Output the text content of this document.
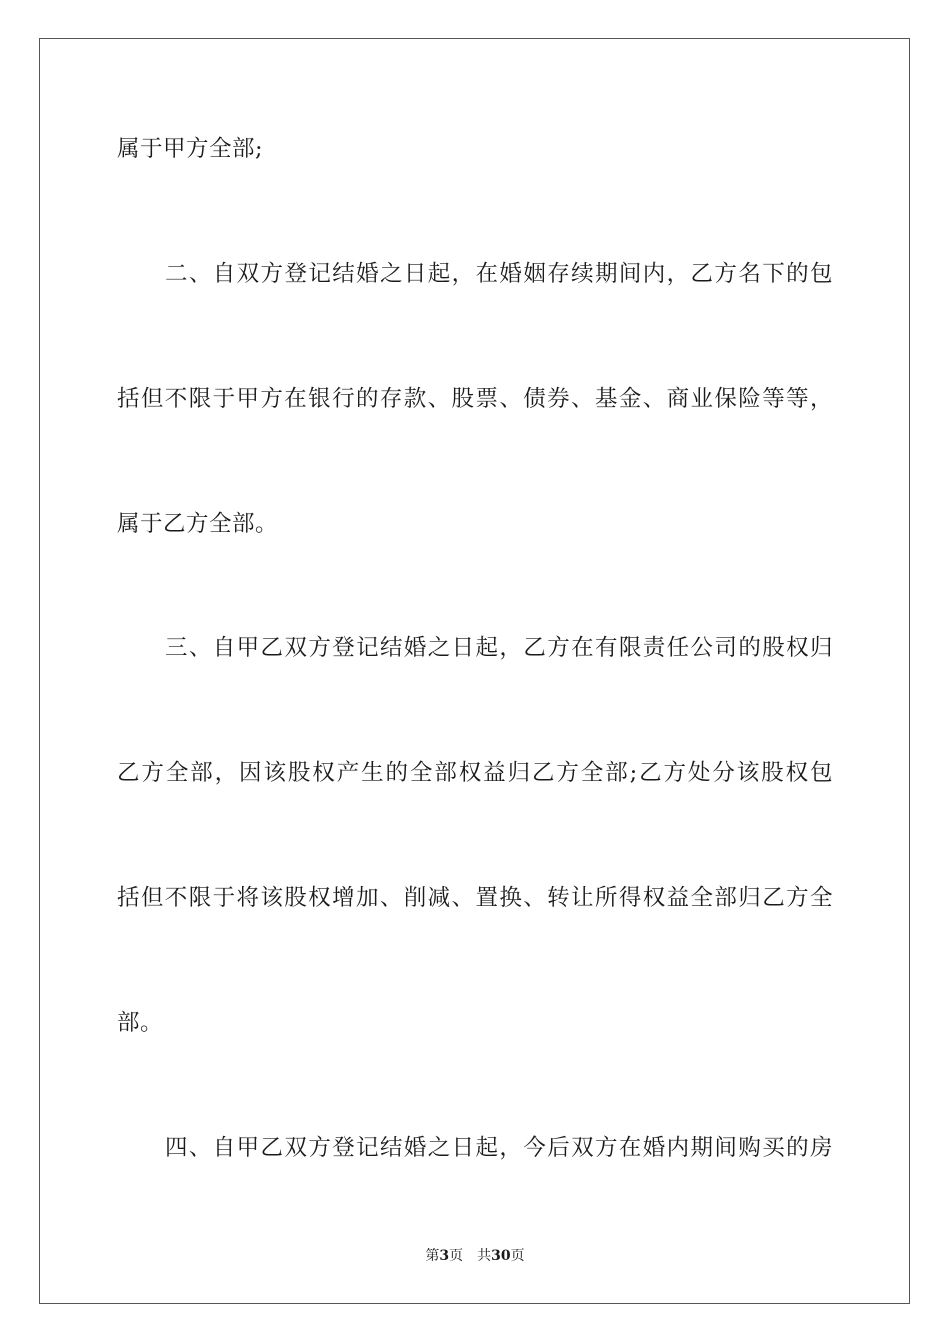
属于甲方全部;
二、自双方登记结婚之日起，在婚姻存续期间内，乙方名下的包
括但不限于甲方在银行的存款、股票、债券、基金、商业保险等等，
属于乙方全部。
三、自甲乙双方登记结婚之日起，乙方在有限责任公司的股权归
乙方全部，因该股权产生的全部权益归乙方全部;乙方处分该股权包
括但不限于将该股权增加、削减、置换、转让所得权益全部归乙方全
部。
四、自甲乙双方登记结婚之日起，今后双方在婚内期间购买的房
第3页 共30页
